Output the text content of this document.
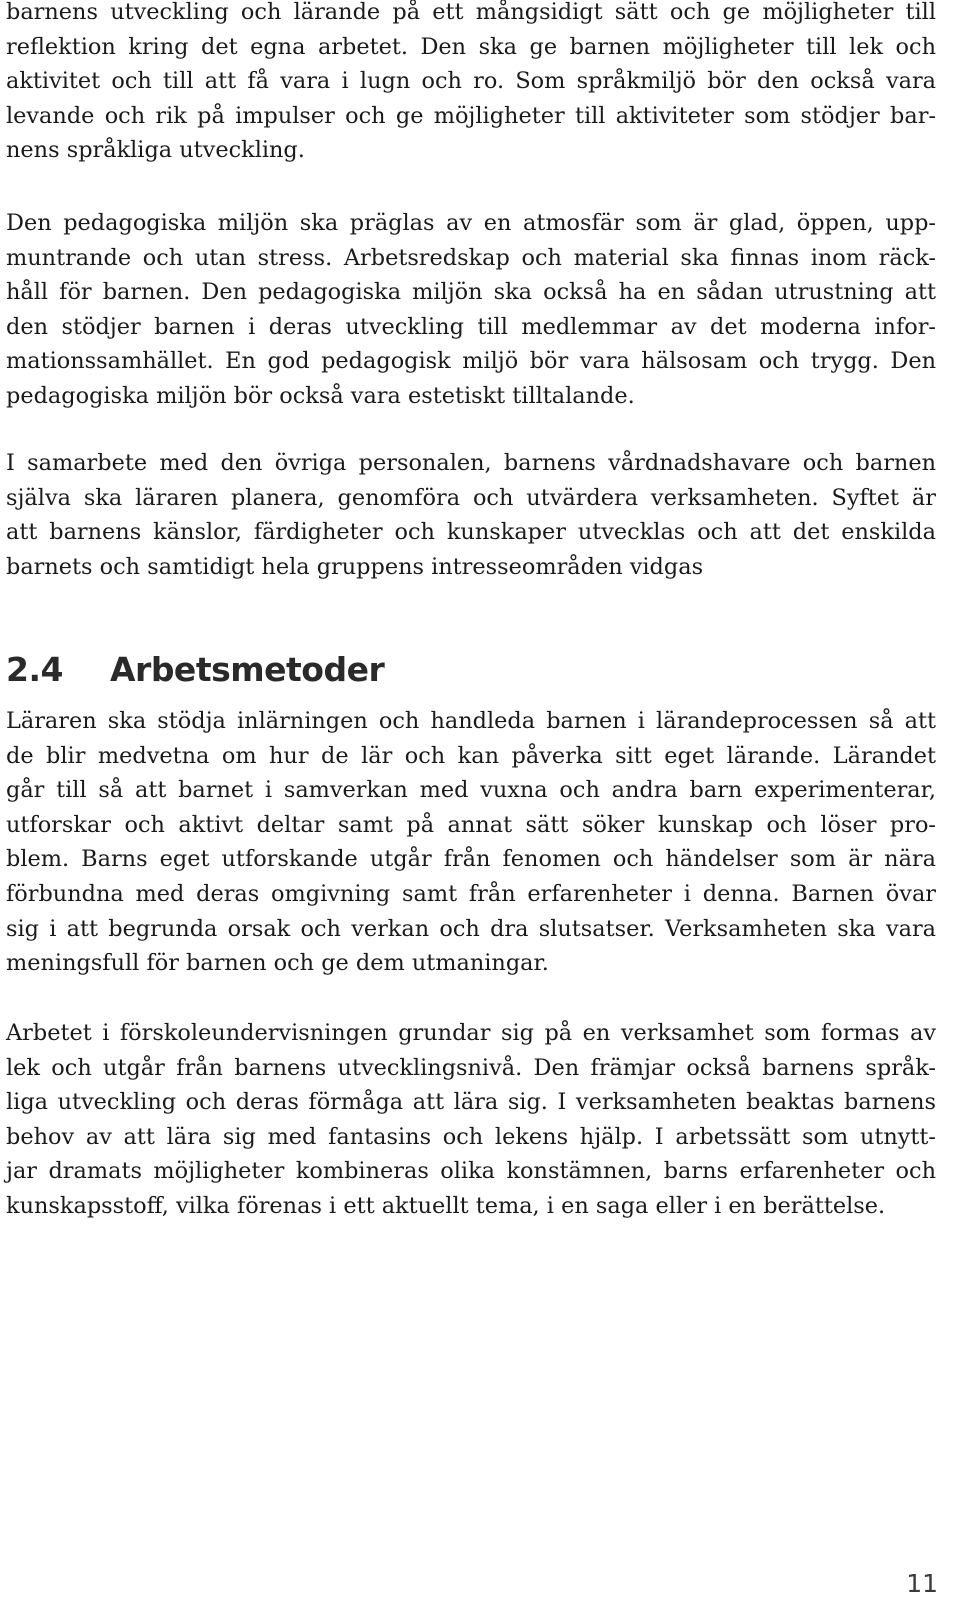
barnens utveckling och lärande på ett mångsidigt sätt och ge möjligheter till
reflektion kring det egna arbetet. Den ska ge barnen möjligheter till lek och
aktivitet och till att få vara i lugn och ro. Som språkmiljö bör den också vara
levande och rik på impulser och ge möjligheter till aktiviteter som stödjer bar-
nens språkliga utveckling.
Den pedagogiska miljön ska präglas av en atmosfär som är glad, öppen, upp-
muntrande och utan stress. Arbetsredskap och material ska finnas inom räck-
håll för barnen. Den pedagogiska miljön ska också ha en sådan utrustning att
den stödjer barnen i deras utveckling till medlemmar av det moderna infor-
mationssamhället. En god pedagogisk miljö bör vara hälsosam och trygg. Den
pedagogiska miljön bör också vara estetiskt tilltalande.
I samarbete med den övriga personalen, barnens vårdnadshavare och barnen
själva ska läraren planera, genomföra och utvärdera verksamheten. Syftet är
att barnens känslor, färdigheter och kunskaper utvecklas och att det enskilda
barnets och samtidigt hela gruppens intresseområden vidgas
2.4	Arbetsmetoder
Läraren ska stödja inlärningen och handleda barnen i lärandeprocessen så att
de blir medvetna om hur de lär och kan påverka sitt eget lärande. Lärandet
går till så att barnet i samverkan med vuxna och andra barn experimenterar,
utforskar och aktivt deltar samt på annat sätt söker kunskap och löser pro-
blem. Barns eget utforskande utgår från fenomen och händelser som är nära
förbundna med deras omgivning samt från erfarenheter i denna. Barnen övar
sig i att begrunda orsak och verkan och dra slutsatser. Verksamheten ska vara
meningsfull för barnen och ge dem utmaningar.
Arbetet i förskoleundervisningen grundar sig på en verksamhet som formas av
lek och utgår från barnens utvecklingsnivå. Den främjar också barnens språk-
liga utveckling och deras förmåga att lära sig. I verksamheten beaktas barnens
behov av att lära sig med fantasins och lekens hjälp. I arbetssätt som utnytt-
jar dramats möjligheter kombineras olika konstämnen, barns erfarenheter och
kunskapsstoff, vilka förenas i ett aktuellt tema, i en saga eller i en berättelse.
11
